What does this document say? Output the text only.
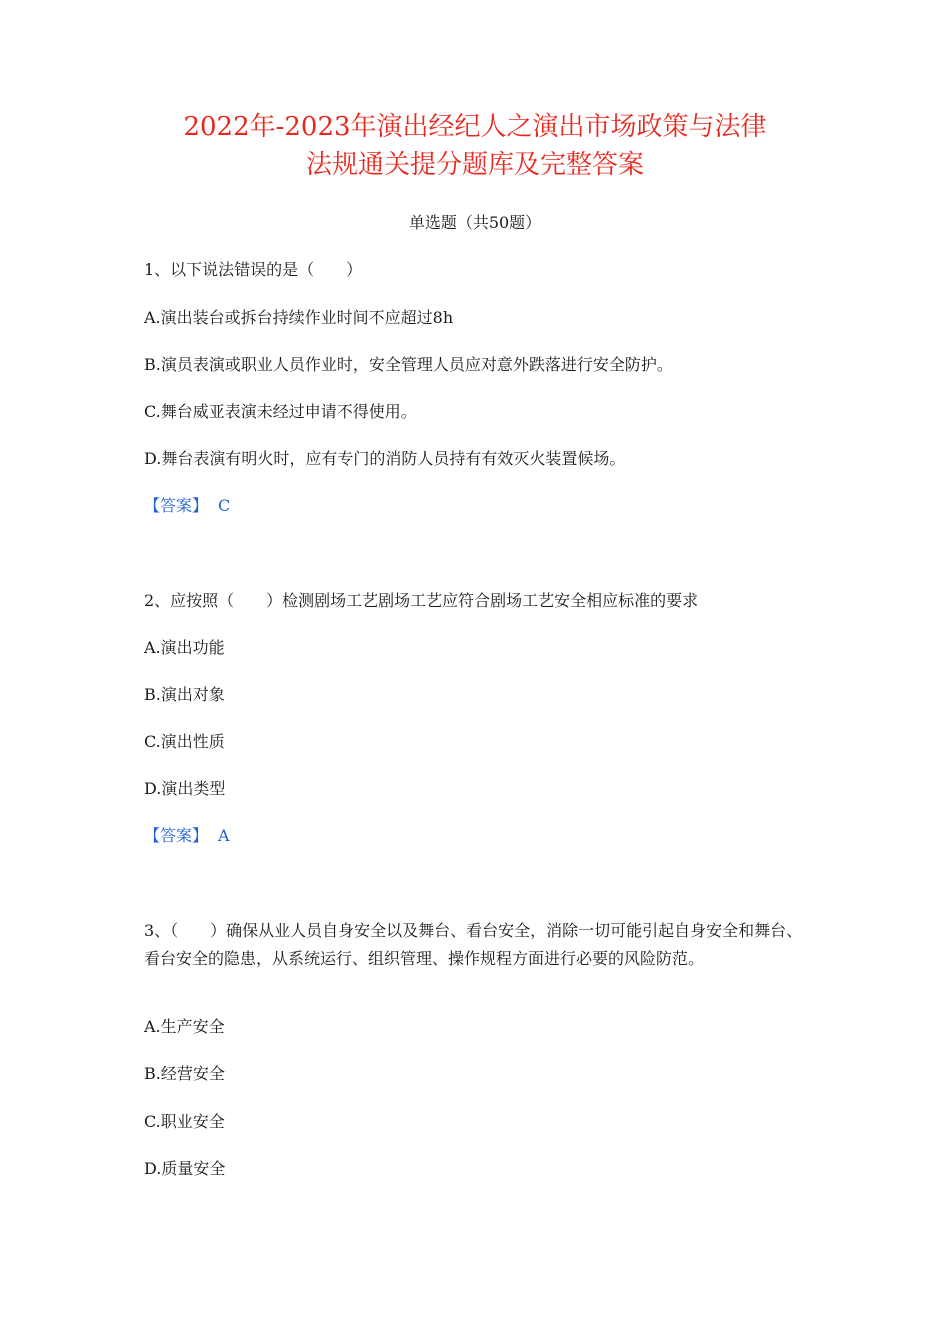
2022年-2023年演出经纪人之演出市场政策与法律
法规通关提分题库及完整答案
单选题（共50题）
1、以下说法错误的是（　　）
A.演出装台或拆台持续作业时间不应超过8h
B.演员表演或职业人员作业时，安全管理人员应对意外跌落进行安全防护。
C.舞台威亚表演未经过申请不得使用。
D.舞台表演有明火时，应有专门的消防人员持有有效灭火装置候场。
【答案】 C
2、应按照（　　）检测剧场工艺剧场工艺应符合剧场工艺安全相应标准的要求
A.演出功能
B.演出对象
C.演出性质
D.演出类型
【答案】 A
3、（　　）确保从业人员自身安全以及舞台、看台安全，消除一切可能引起自身安全和舞台、看台安全的隐患，从系统运行、组织管理、操作规程方面进行必要的风险防范。
A.生产安全
B.经营安全
C.职业安全
D.质量安全
